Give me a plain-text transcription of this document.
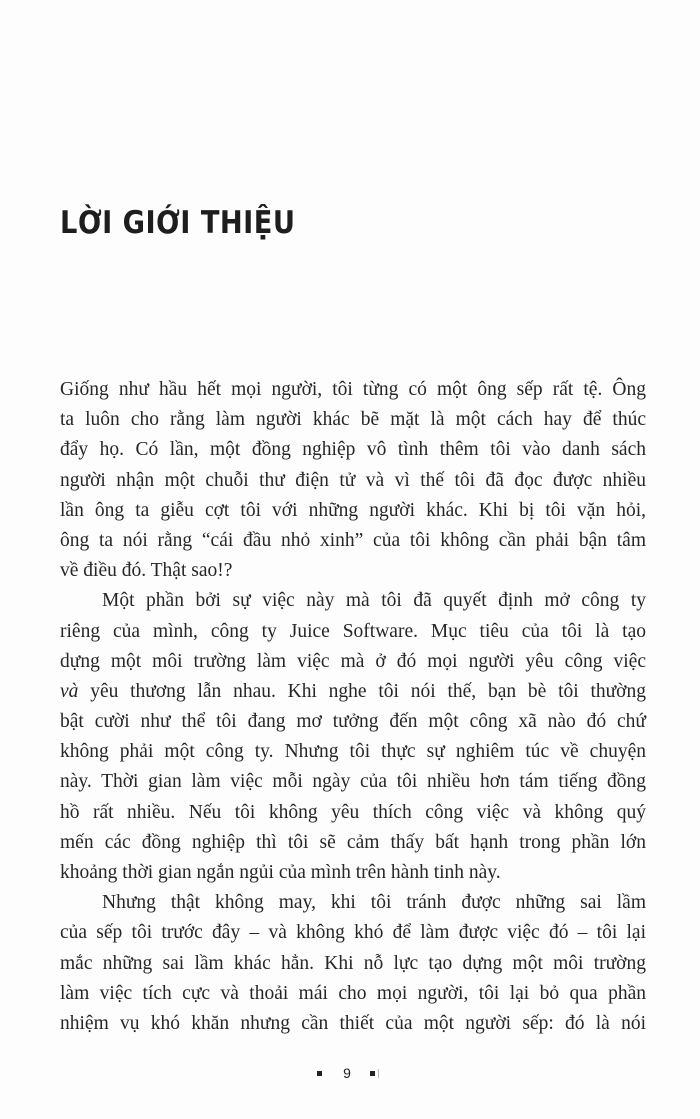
LỜI GIỚI THIỆU
Giống như hầu hết mọi người, tôi từng có một ông sếp rất tệ. Ông
ta luôn cho rằng làm người khác bẽ mặt là một cách hay để thúc
đẩy họ. Có lần, một đồng nghiệp vô tình thêm tôi vào danh sách
người nhận một chuỗi thư điện tử và vì thế tôi đã đọc được nhiều
lần ông ta giễu cợt tôi với những người khác. Khi bị tôi vặn hỏi,
ông ta nói rằng “cái đầu nhỏ xinh” của tôi không cần phải bận tâm
về điều đó. Thật sao!?
Một phần bởi sự việc này mà tôi đã quyết định mở công ty
riêng của mình, công ty Juice Software. Mục tiêu của tôi là tạo
dựng một môi trường làm việc mà ở đó mọi người yêu công việc
và yêu thương lẫn nhau. Khi nghe tôi nói thế, bạn bè tôi thường
bật cười như thể tôi đang mơ tưởng đến một công xã nào đó chứ
không phải một công ty. Nhưng tôi thực sự nghiêm túc về chuyện
này. Thời gian làm việc mỗi ngày của tôi nhiều hơn tám tiếng đồng
hồ rất nhiều. Nếu tôi không yêu thích công việc và không quý
mến các đồng nghiệp thì tôi sẽ cảm thấy bất hạnh trong phần lớn
khoảng thời gian ngắn ngủi của mình trên hành tinh này.
Nhưng thật không may, khi tôi tránh được những sai lầm
của sếp tôi trước đây – và không khó để làm được việc đó – tôi lại
mắc những sai lầm khác hẳn. Khi nỗ lực tạo dựng một môi trường
làm việc tích cực và thoải mái cho mọi người, tôi lại bỏ qua phần
nhiệm vụ khó khăn nhưng cần thiết của một người sếp: đó là nói
9
